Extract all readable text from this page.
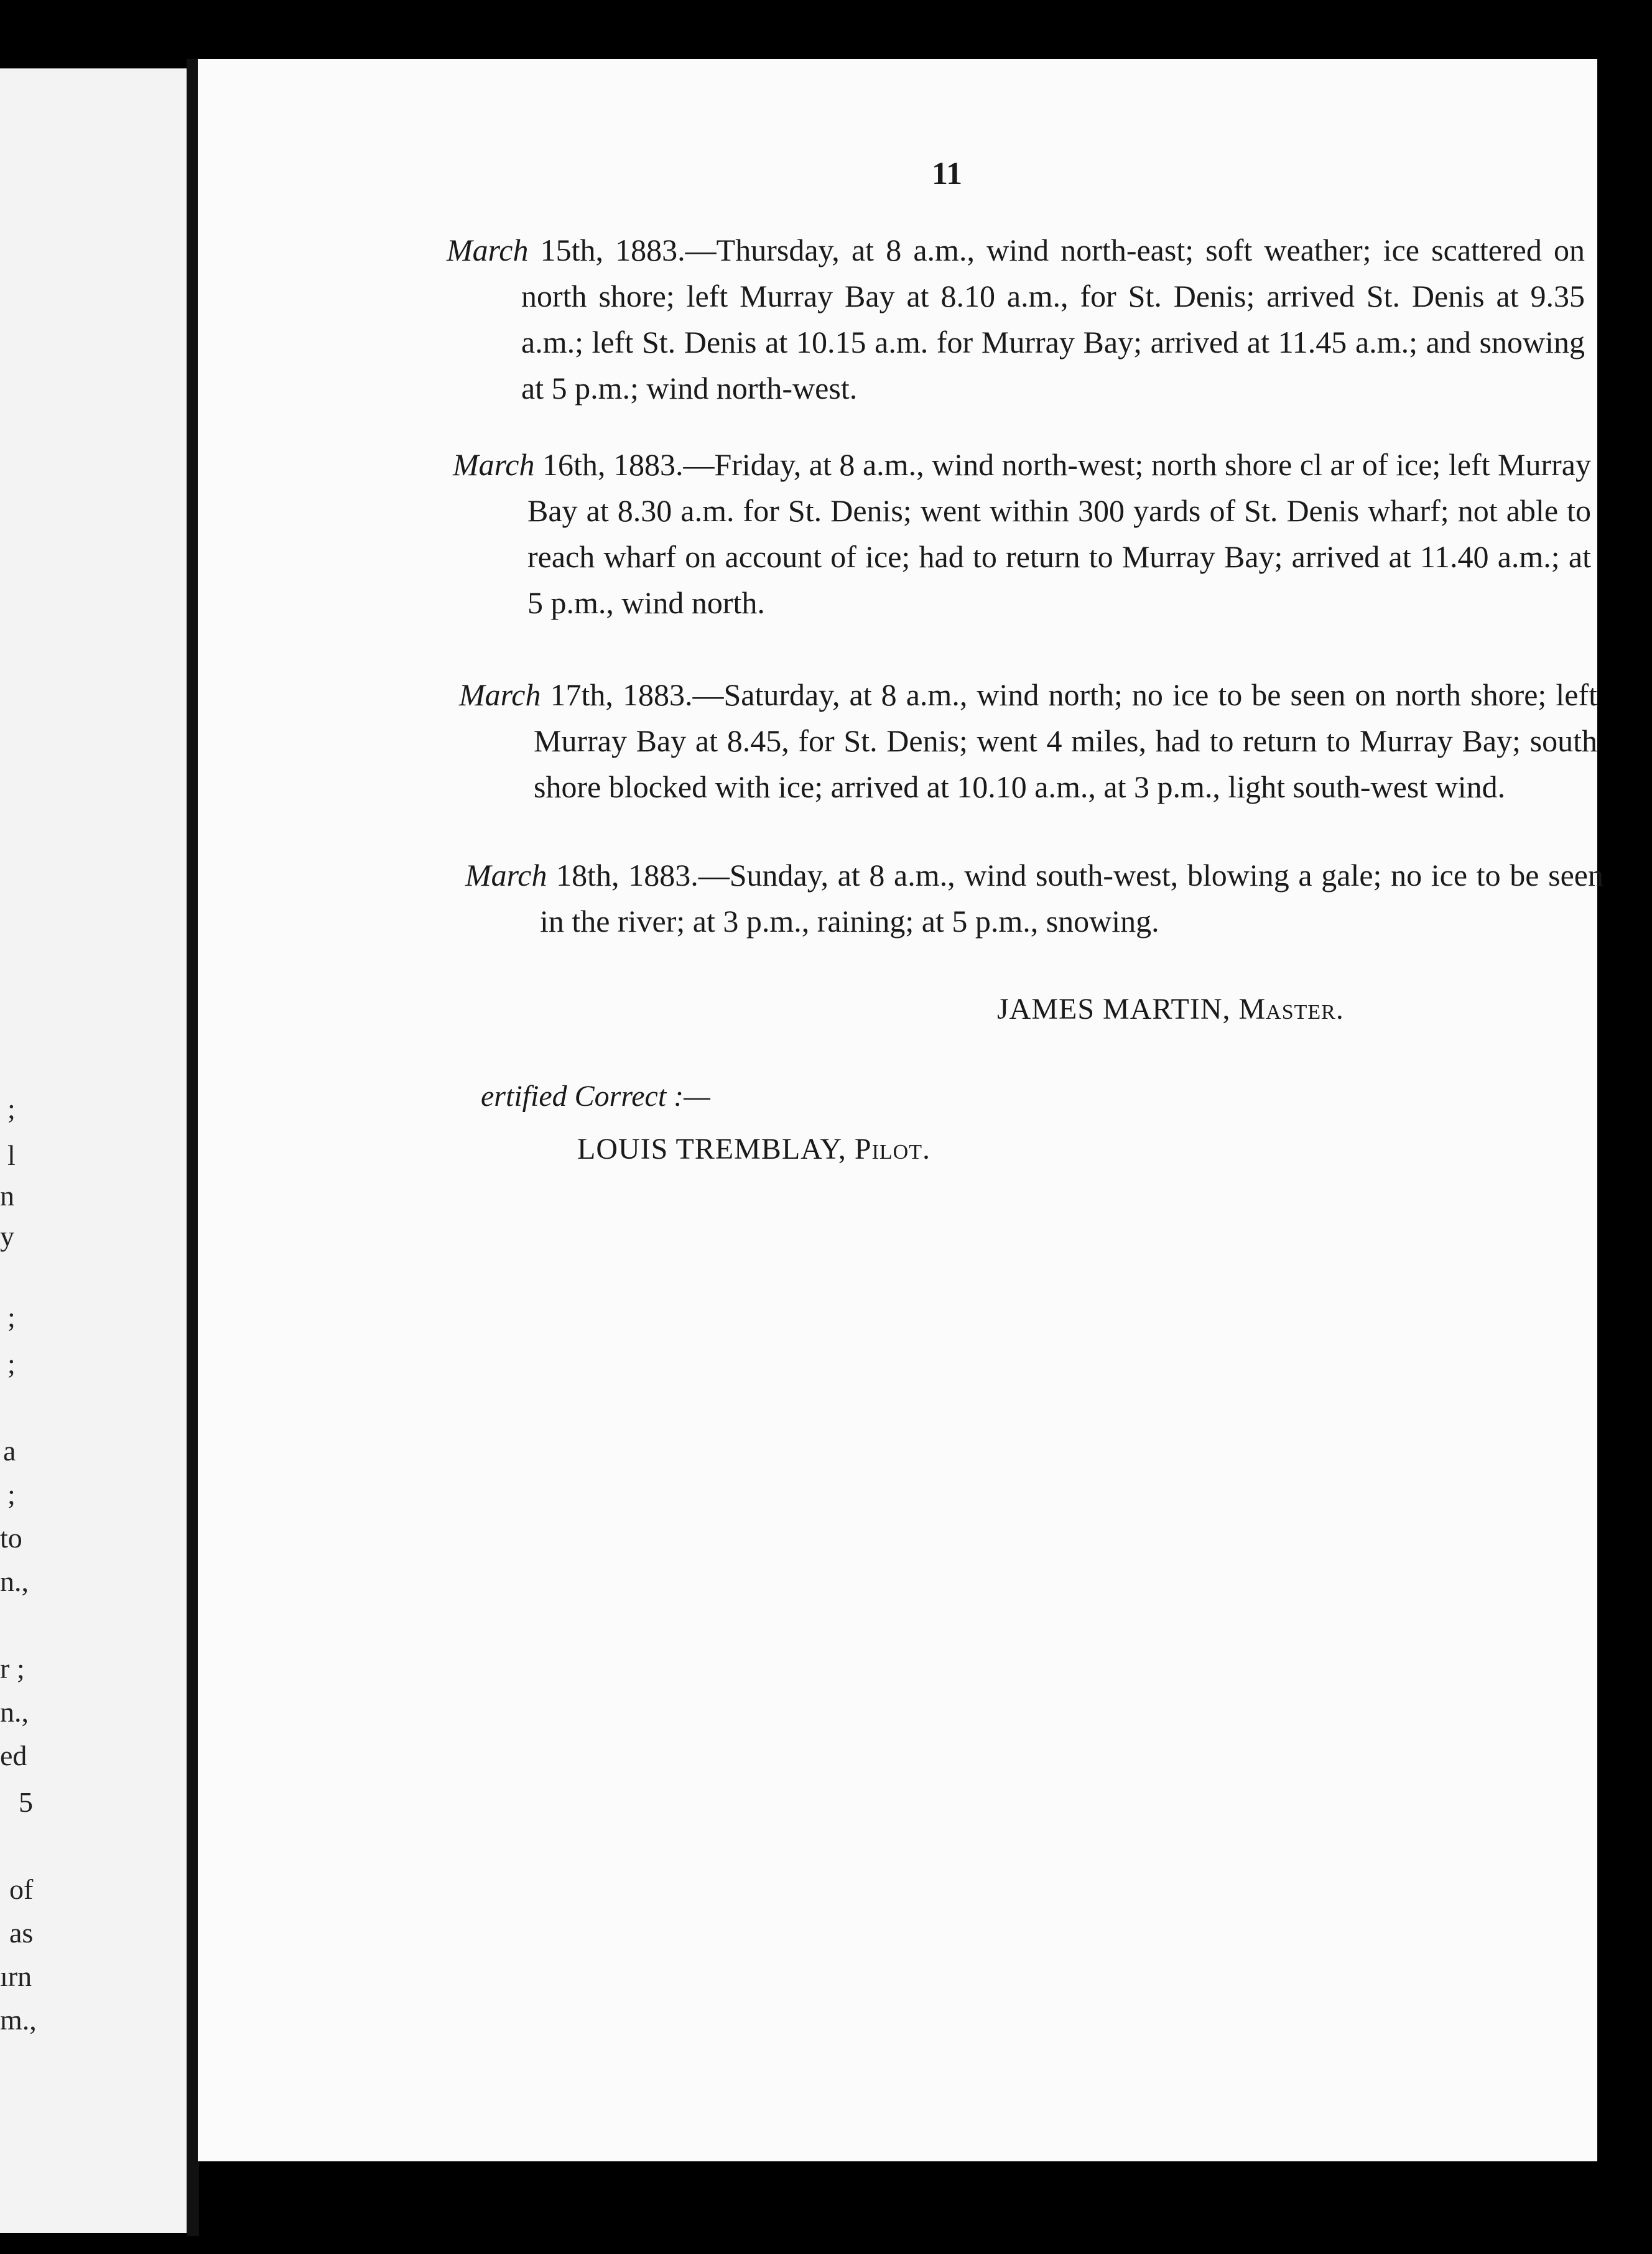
;
l
n
y
;
;
a
;
to
n.,
r ;
n.,
ed
5
of
as
ırn
m.,

11

March 15th, 1883.—Thursday, at 8 a.m., wind north-east; soft weather; ice scattered on north shore; left Murray Bay at 8.10 a.m., for St. Denis; arrived St. Denis at 9.35 a.m.; left St. Denis at 10.15 a.m. for Murray Bay; arrived at 11.45 a.m.; and snowing at 5 p.m.; wind north-west.

March 16th, 1883.—Friday, at 8 a.m., wind north-west; north shore cl ar of ice; left Murray Bay at 8.30 a.m. for St. Denis; went within 300 yards of St. Denis wharf; not able to reach wharf on account of ice; had to return to Murray Bay; arrived at 11.40 a.m.; at 5 p.m., wind north.

March 17th, 1883.—Saturday, at 8 a.m., wind north; no ice to be seen on north shore; left Murray Bay at 8.45, for St. Denis; went 4 miles, had to return to Murray Bay; south shore blocked with ice; arrived at 10.10 a.m., at 3 p.m., light south-west wind.

March 18th, 1883.—Sunday, at 8 a.m., wind south-west, blowing a gale; no ice to be seen in the river; at 3 p.m., raining; at 5 p.m., snowing.

JAMES MARTIN, Master.

ertified Correct :—

LOUIS TREMBLAY, Pilot.
